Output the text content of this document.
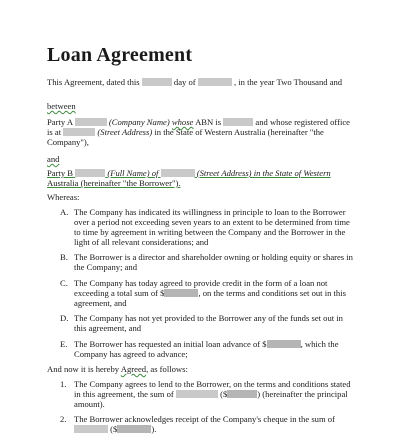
Loan Agreement
This Agreement, dated this	day of	, in the year Two Thousand and
between
Party A	(Company Name) whose ABN is	and whose registered office
is at	(Street Address) in the State of Western Australia (hereinafter "the
Company"),
and
Party B	(Full Name) of	(Street Address) in the State of Western
Australia (hereinafter "the Borrower").
Whereas:
A. The Company has indicated its willingness in principle to loan to the Borrower
over a period not exceeding seven years to an extent to be determined from time
to time by agreement in writing between the Company and the Borrower in the
light of all relevant considerations; and
B. The Borrower is a director and shareholder owning or holding equity or shares in
the Company; and
C. The Company has today agreed to provide credit in the form of a loan not
exceeding a total sum of $	, on the terms and conditions set out in this
agreement, and
D. The Company has not yet provided to the Borrower any of the funds set out in
this agreement, and
E. The Borrower has requested an initial loan advance of $	, which the
Company has agreed to advance;
And now it is hereby Agreed, as follows:
1. The Company agrees to lend to the Borrower, on the terms and conditions stated
in this agreement, the sum of	($	) (hereinafter the principal
amount).
2. The Borrower acknowledges receipt of the Company's cheque in the sum of
($	).
